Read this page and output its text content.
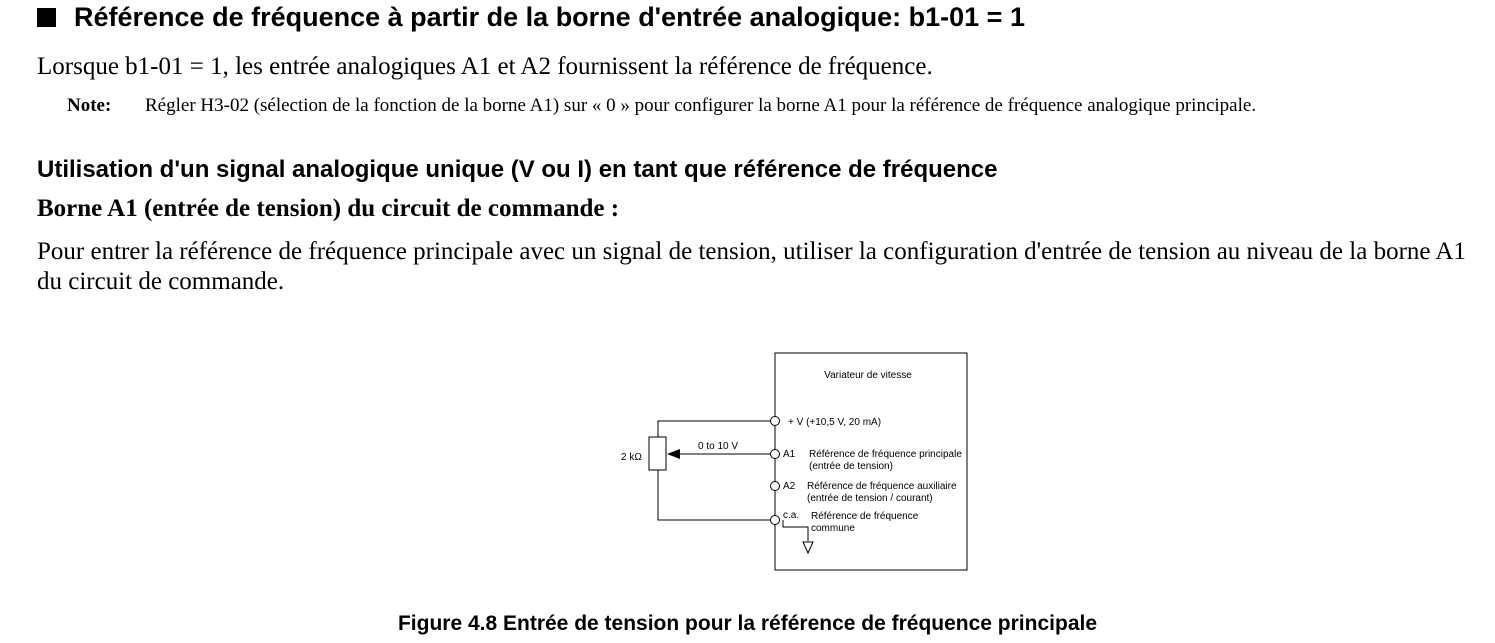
Référence de fréquence à partir de la borne d'entrée analogique: b1-01 = 1

Lorsque b1-01 = 1, les entrée analogiques A1 et A2 fournissent la référence de fréquence.

Note: Régler H3-02 (sélection de la fonction de la borne A1) sur « 0 » pour configurer la borne A1 pour la référence de fréquence analogique principale.
Utilisation d'un signal analogique unique (V ou I) en tant que référence de fréquence
Borne A1 (entrée de tension) du circuit de commande :

Pour entrer la référence de fréquence principale avec un signal de tension, utiliser la configuration d'entrée de tension au niveau de la borne A1 du circuit de commande.

Variateur de vitesse
2 kΩ
0 to 10 V
+ V (+10,5 V, 20 mA)
A1 Référence de fréquence principale
(entrée de tension)
A2 Référence de fréquence auxiliaire
(entrée de tension / courant)
c.a. Référence de fréquence
commune

Figure 4.8 Entrée de tension pour la référence de fréquence principale
